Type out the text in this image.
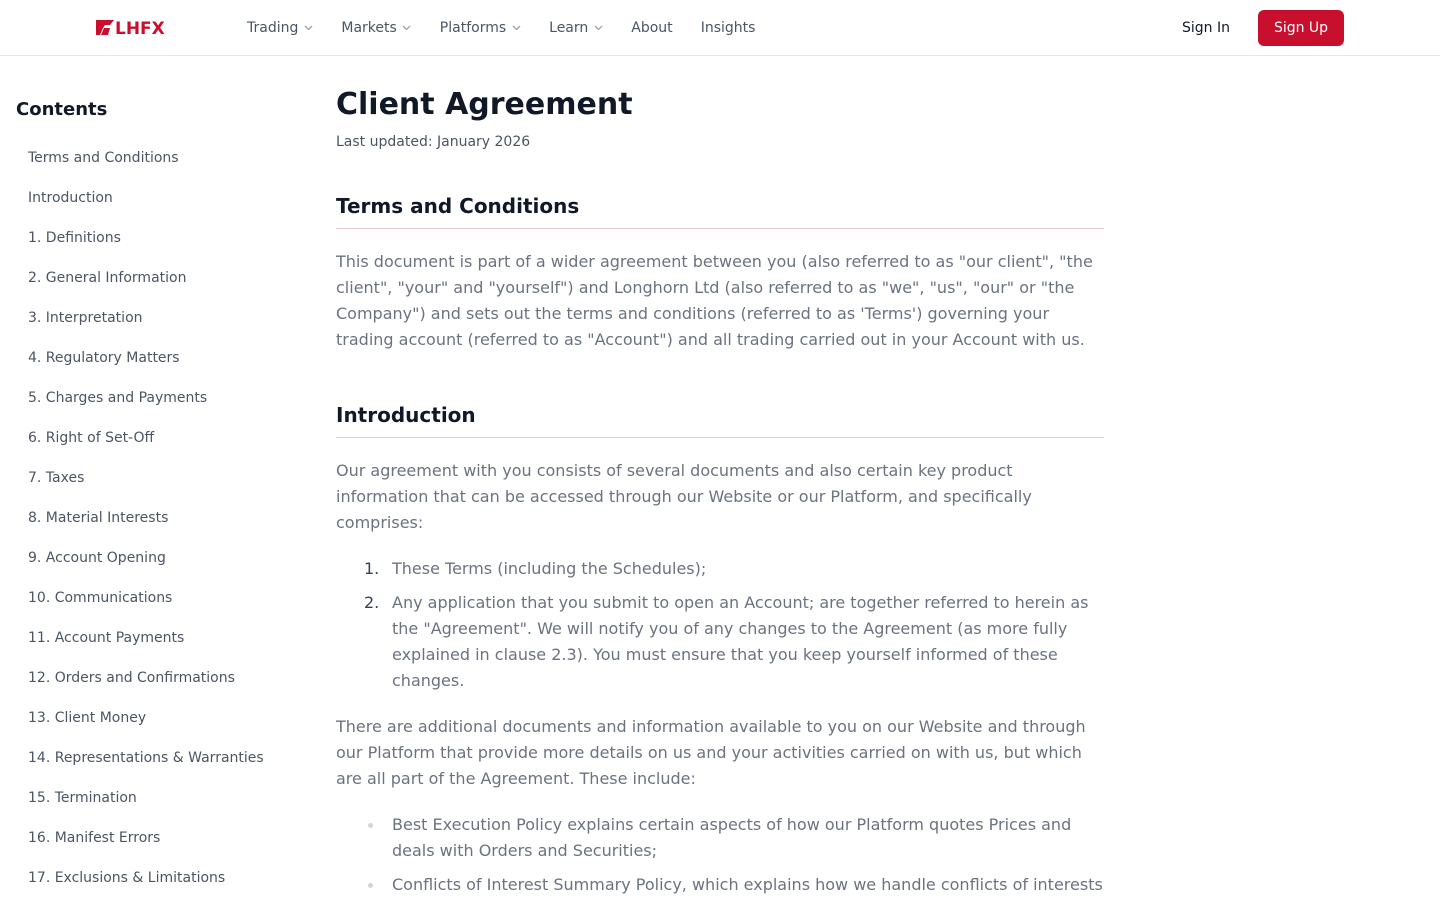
LHFX	Trading	Markets	Platforms	Learn	About Insights	Sign In	Sign Up
Contents
Terms and Conditions
Introduction
1. Definitions
2. General Information
3. Interpretation
4. Regulatory Matters
5. Charges and Payments
6. Right of Set-Off
7. Taxes
8. Material Interests
9. Account Opening
10. Communications
11. Account Payments
12. Orders and Confirmations
13. Client Money
14. Representations & Warranties
15. Termination
16. Manifest Errors
17. Exclusions & Limitations
Client Agreement

Last updated: January 2026

Terms and Conditions

This document is part of a wider agreement between you (also referred to as "our client", "the client", "your" and "yourself") and Longhorn Ltd (also referred to as "we", "us", "our" or "the Company") and sets out the terms and conditions (referred to as 'Terms') governing your trading account (referred to as "Account") and all trading carried out in your Account with us.

Introduction

Our agreement with you consists of several documents and also certain key product information that can be accessed through our Website or our Platform, and specifically comprises:

1. These Terms (including the Schedules);
2. Any application that you submit to open an Account; are together referred to herein as the "Agreement". We will notify you of any changes to the Agreement (as more fully explained in clause 2.3). You must ensure that you keep yourself informed of these changes.

There are additional documents and information available to you on our Website and through our Platform that provide more details on us and your activities carried on with us, but which are all part of the Agreement. These include:

Best Execution Policy explains certain aspects of how our Platform quotes Prices and deals with Orders and Securities;
Conflicts of Interest Summary Policy, which explains how we handle conflicts of interests
